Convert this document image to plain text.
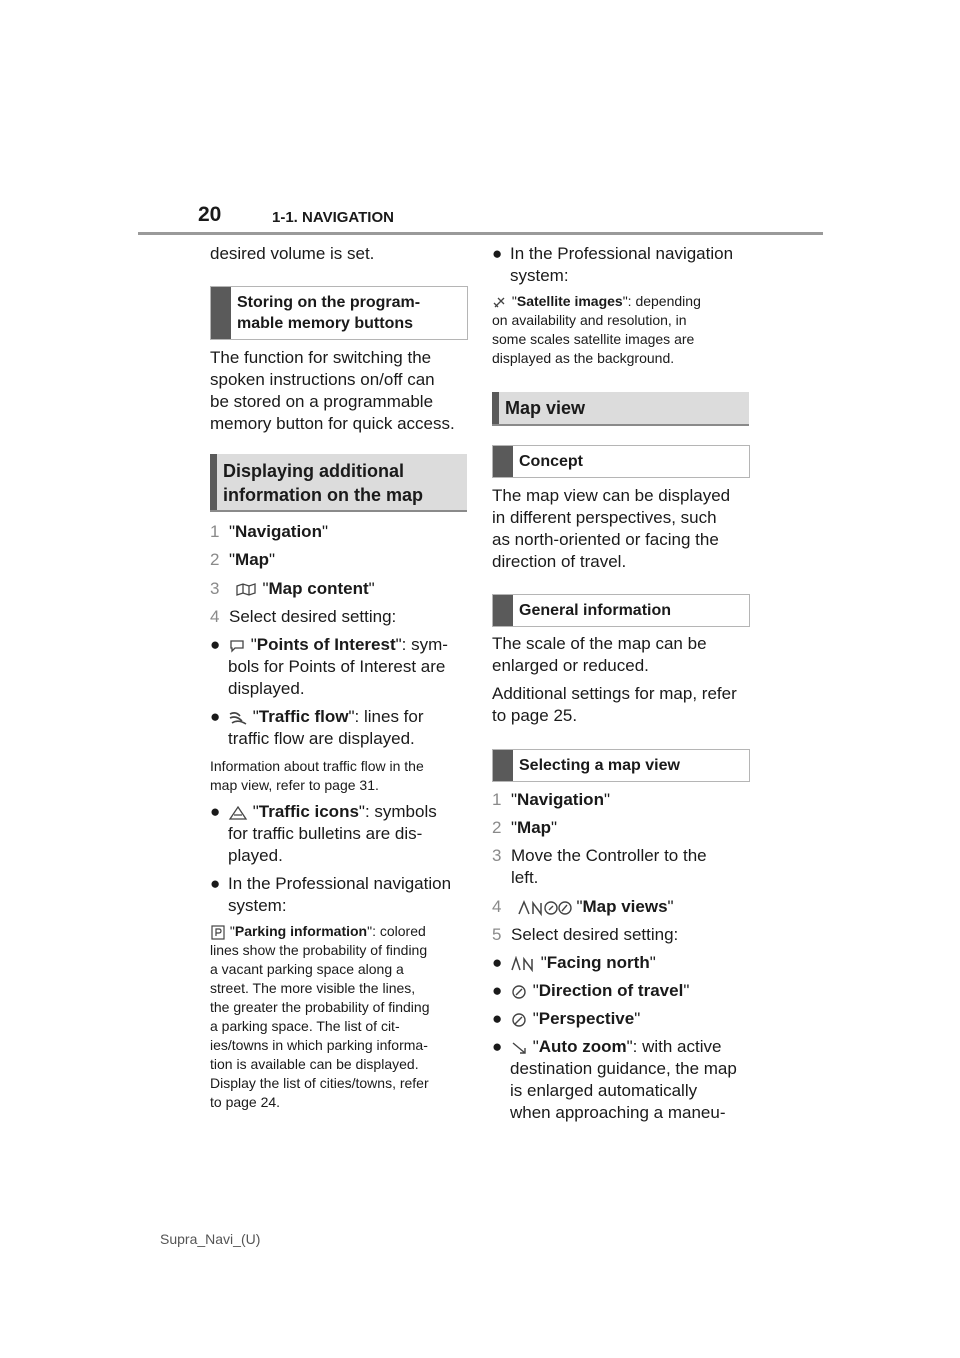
20	1-1. NAVIGATION
desired volume is set.
Storing on the program-
mable memory buttons
The function for switching the
spoken instructions on/off can
be stored on a programmable
memory button for quick access.
Displaying additional
information on the map
1 "Navigation"
2 "Map"
3	"Map content"
4 Select desired setting:
●	"Points of Interest": sym-
bols for Points of Interest are
displayed.
●	"Traffic flow": lines for
traffic flow are displayed.
Information about traffic flow in the
map view, refer to page 31.
●	"Traffic icons": symbols
for traffic bulletins are dis-
played.
● In the Professional navigation
system:
"Parking information": colored
lines show the probability of finding
a vacant parking space along a
street. The more visible the lines,
the greater the probability of finding
a parking space. The list of cit-
ies/towns in which parking informa-
tion is available can be displayed.
Display the list of cities/towns, refer
to page 24.
● In the Professional navigation
system:
"Satellite images": depending
on availability and resolution, in
some scales satellite images are
displayed as the background.
Map view
Concept
The map view can be displayed
in different perspectives, such
as north-oriented or facing the
direction of travel.
General information
The scale of the map can be
enlarged or reduced.
Additional settings for map, refer
to page 25.
Selecting a map view
1 "Navigation"
2 "Map"
3 Move the Controller to the
left.
4	"Map views"
5 Select desired setting:
●	"Facing north"
●	"Direction of travel"
●	"Perspective"
●	"Auto zoom": with active
destination guidance, the map
is enlarged automatically
when approaching a maneu-
Supra_Navi_(U)
